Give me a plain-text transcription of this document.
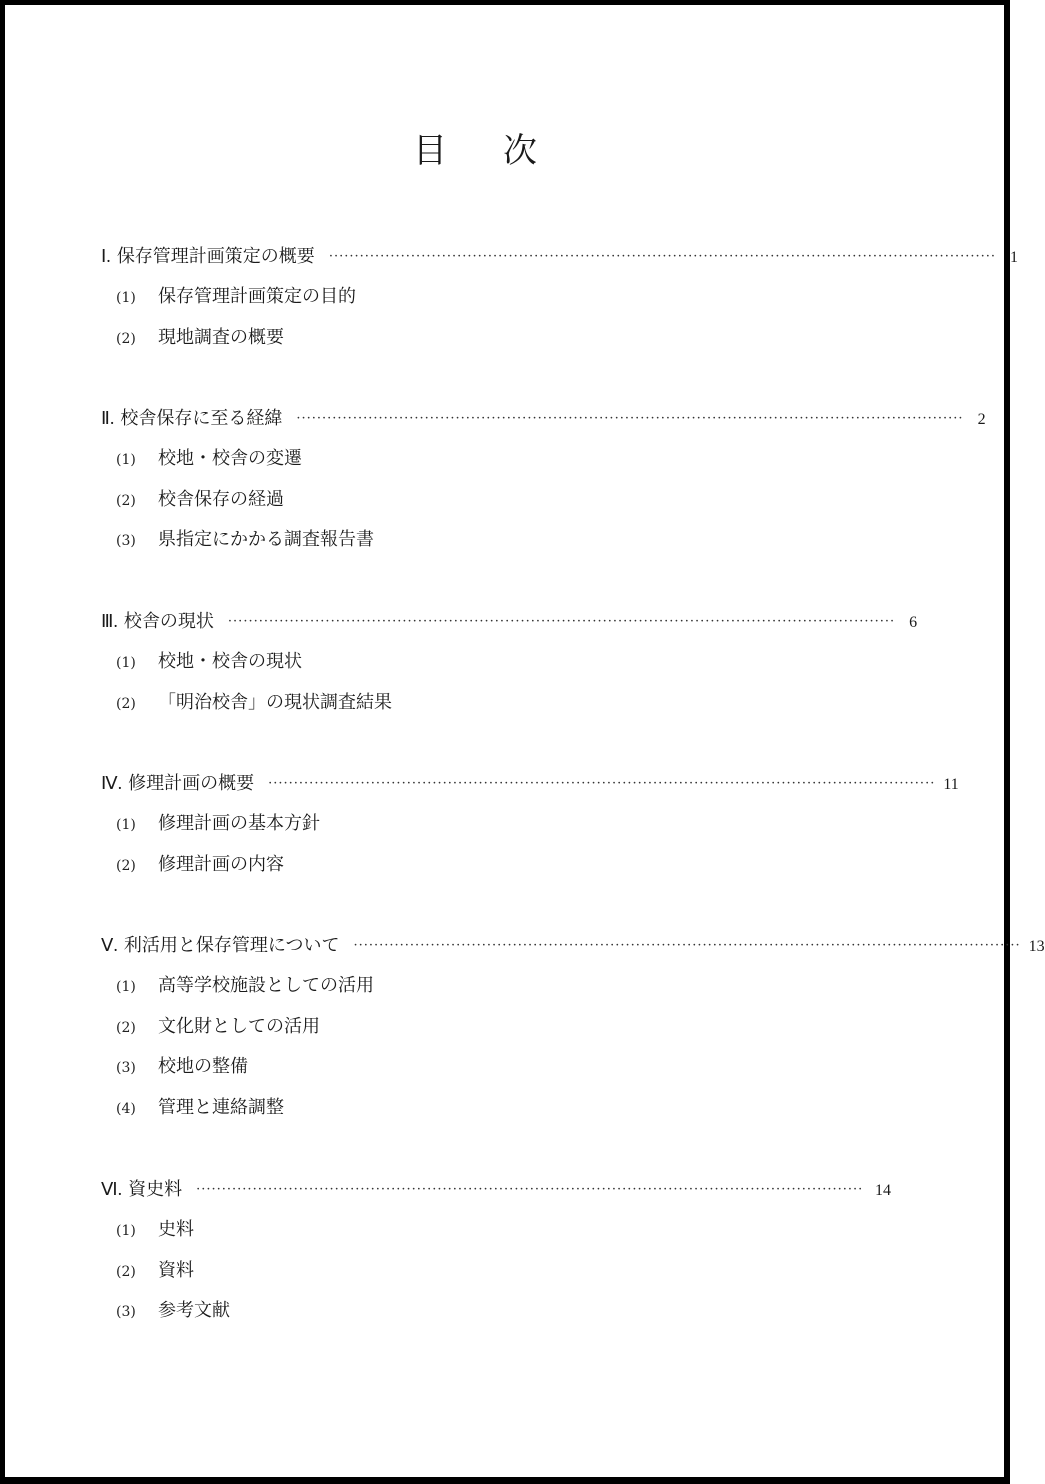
目 次
Ⅰ. 保存管理計画策定の概要 ·································································································································· 1
(1)	保存管理計画策定の目的
(2)	現地調査の概要
Ⅱ. 校舎保存に至る経緯 ·································································································································· 2
(1)	校地・校舎の変遷
(2)	校舎保存の経過
(3)	県指定にかかる調査報告書
Ⅲ. 校舎の現状 ·································································································································· 6
(1)	校地・校舎の現状
(2)	「明治校舎」の現状調査結果
Ⅳ. 修理計画の概要 ·································································································································· 11
(1)	修理計画の基本方針
(2)	修理計画の内容
Ⅴ. 利活用と保存管理について ·································································································································· 13
(1)	高等学校施設としての活用
(2)	文化財としての活用
(3)	校地の整備
(4)	管理と連絡調整
Ⅵ. 資史料 ·································································································································· 14
(1)	史料
(2)	資料
(3)	参考文献
